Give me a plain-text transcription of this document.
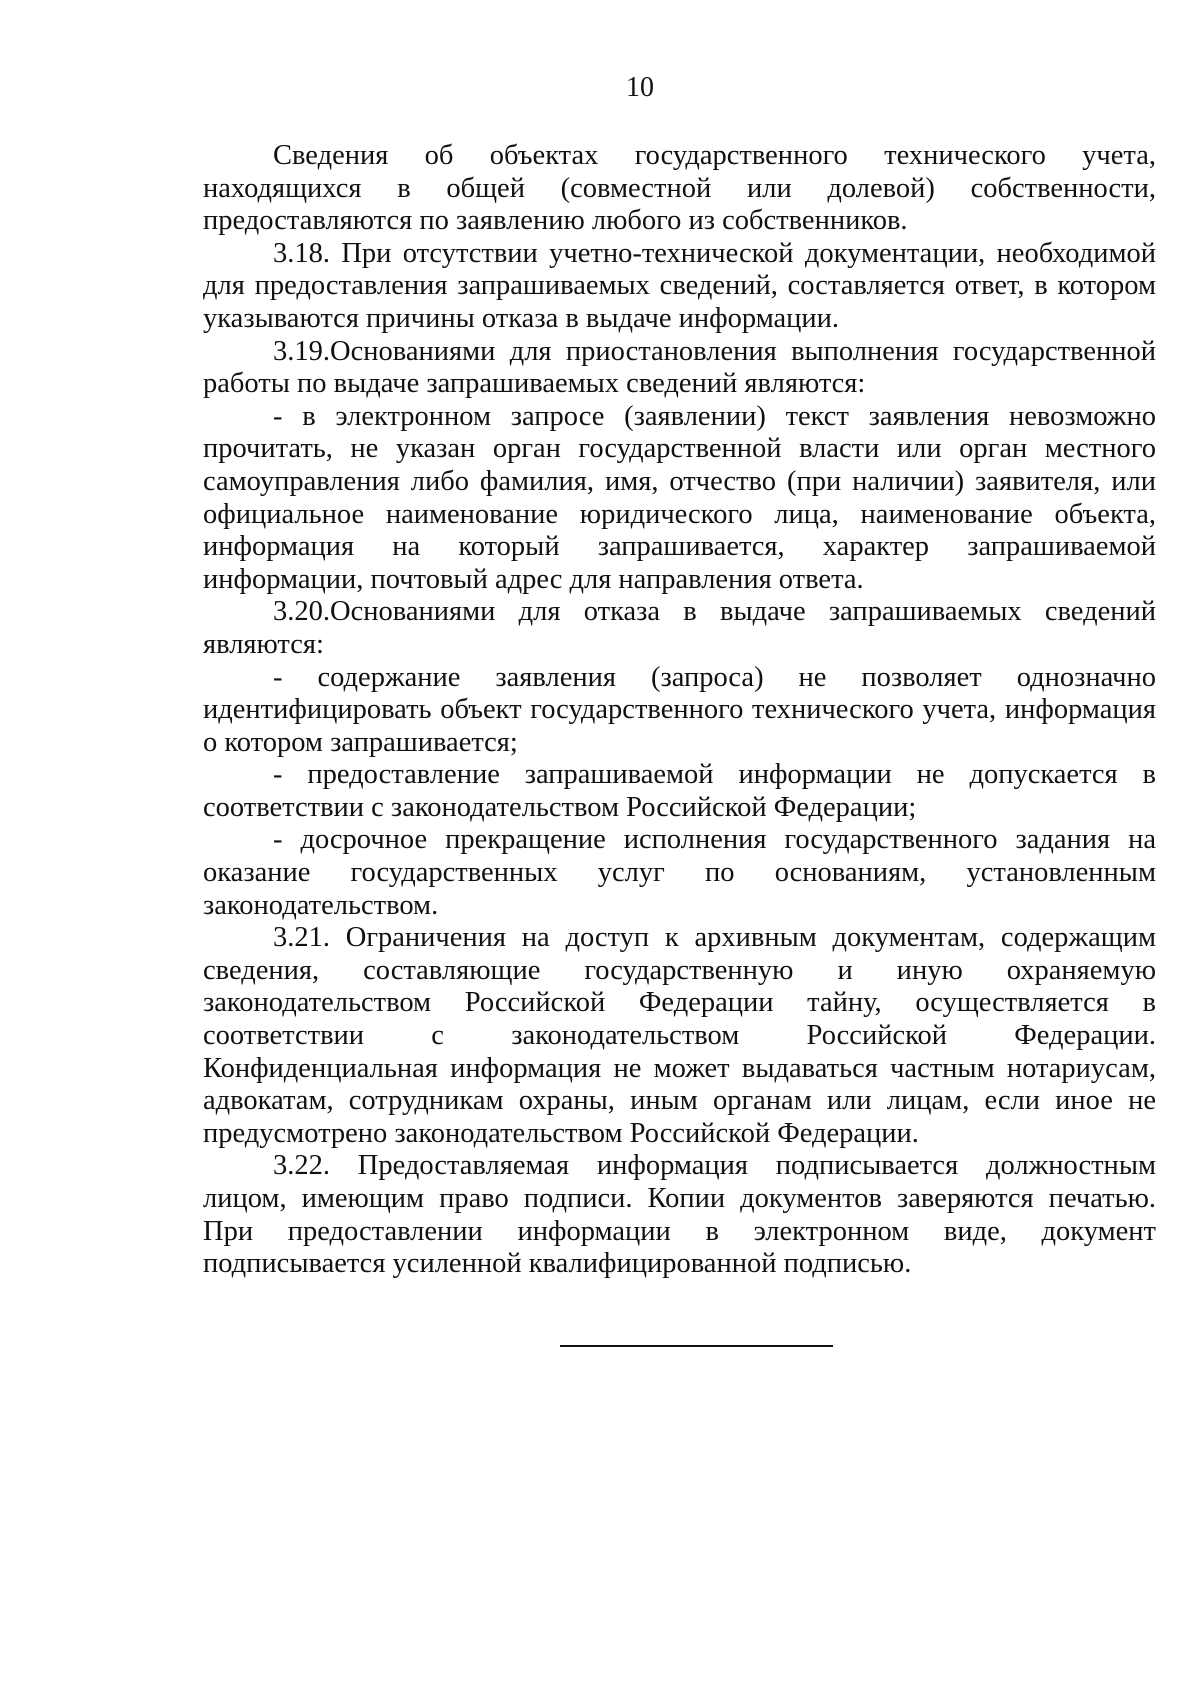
10

Сведения об объектах государственного технического учета, находящихся в общей (совместной или долевой) собственности, предоставляются по заявлению любого из собственников.

3.18. При отсутствии учетно-технической документации, необходимой для предоставления запрашиваемых сведений, составляется ответ, в котором указываются причины отказа в выдаче информации.

3.19.Основаниями для приостановления выполнения государственной работы по выдаче запрашиваемых сведений являются:

- в электронном запросе (заявлении) текст заявления невозможно прочитать, не указан орган государственной власти или орган местного самоуправления либо фамилия, имя, отчество (при наличии) заявителя, или официальное наименование юридического лица, наименование объекта, информация на который запрашивается, характер запрашиваемой информации, почтовый адрес для направления ответа.

3.20.Основаниями для отказа в выдаче запрашиваемых сведений являются:

- содержание заявления (запроса) не позволяет однозначно идентифицировать объект государственного технического учета, информация о котором запрашивается;

- предоставление запрашиваемой информации не допускается в соответствии с законодательством Российской Федерации;

- досрочное прекращение исполнения государственного задания на оказание государственных услуг по основаниям, установленным законодательством.

3.21. Ограничения на доступ к архивным документам, содержащим сведения, составляющие государственную и иную охраняемую законодательством Российской Федерации тайну, осуществляется в соответствии с законодательством Российской Федерации. Конфиденциальная информация не может выдаваться частным нотариусам, адвокатам, сотрудникам охраны, иным органам или лицам, если иное не предусмотрено законодательством Российской Федерации.

3.22. Предоставляемая информация подписывается должностным лицом, имеющим право подписи. Копии документов заверяются печатью. При предоставлении информации в электронном виде, документ подписывается усиленной квалифицированной подписью.
